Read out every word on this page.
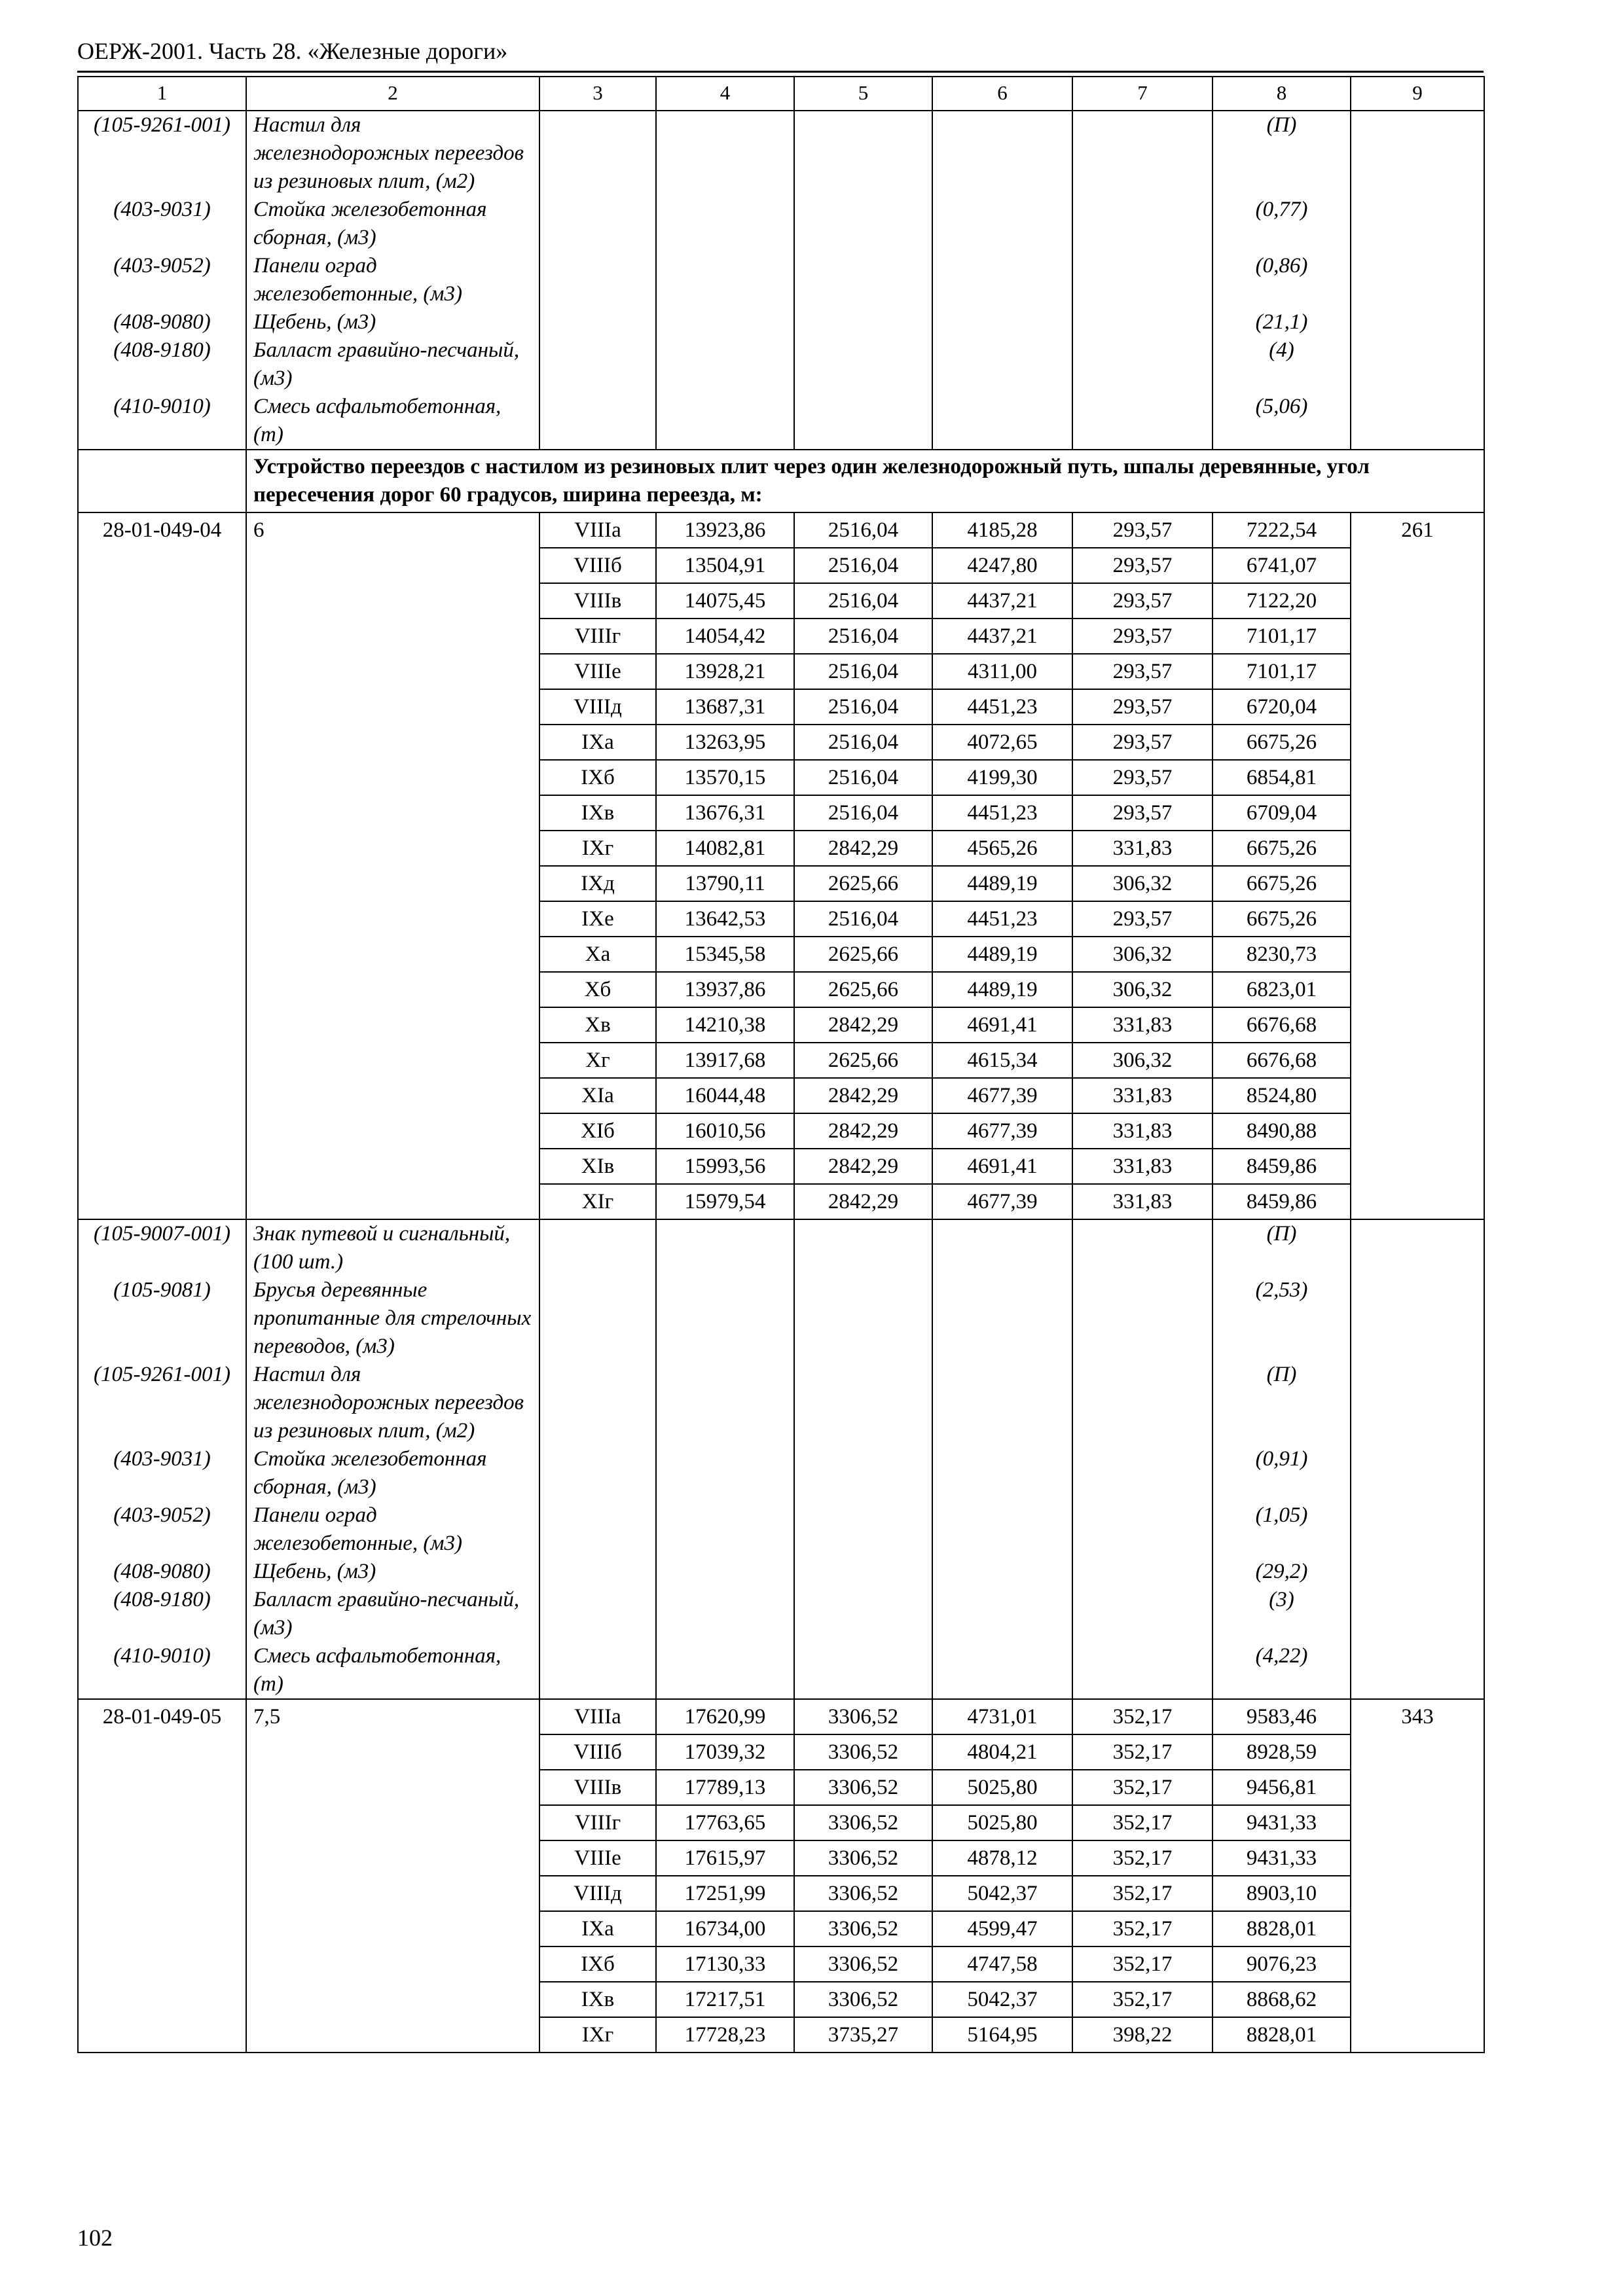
ОЕРЖ-2001. Часть 28. «Железные дороги»
1	2	3	4	5	6	7	8	9
(105-9261-001)	Настил для железнодорожных переездов из резиновых плит, (м2)						(П)	
(403-9031)	Стойка железобетонная сборная, (м3)						(0,77)	
(403-9052)	Панели оград железобетонные, (м3)						(0,86)	
(408-9080)	Щебень, (м3)						(21,1)	
(408-9180)	Балласт гравийно-песчаный, (м3)						(4)	
(410-9010)	Смесь асфальтобетонная, (т)						(5,06)	
	Устройство переездов с настилом из резиновых плит через один железнодорожный путь, шпалы деревянные, угол пересечения дорог 60 градусов, ширина переезда, м:							
28-01-049-04	6	VIIIa	13923,86	2516,04	4185,28	293,57	7222,54	261
		VIIIб	13504,91	2516,04	4247,80	293,57	6741,07	
		VIIIв	14075,45	2516,04	4437,21	293,57	7122,20	
		VIIIг	14054,42	2516,04	4437,21	293,57	7101,17	
		VIIIe	13928,21	2516,04	4311,00	293,57	7101,17	
		VIIIд	13687,31	2516,04	4451,23	293,57	6720,04	
		IXa	13263,95	2516,04	4072,65	293,57	6675,26	
		IXб	13570,15	2516,04	4199,30	293,57	6854,81	
		IXв	13676,31	2516,04	4451,23	293,57	6709,04	
		IXг	14082,81	2842,29	4565,26	331,83	6675,26	
		IXд	13790,11	2625,66	4489,19	306,32	6675,26	
		IXe	13642,53	2516,04	4451,23	293,57	6675,26	
		Xa	15345,58	2625,66	4489,19	306,32	8230,73	
		Xб	13937,86	2625,66	4489,19	306,32	6823,01	
		Xв	14210,38	2842,29	4691,41	331,83	6676,68	
		Xг	13917,68	2625,66	4615,34	306,32	6676,68	
		XIa	16044,48	2842,29	4677,39	331,83	8524,80	
		XIб	16010,56	2842,29	4677,39	331,83	8490,88	
		XIв	15993,56	2842,29	4691,41	331,83	8459,86	
		XIг	15979,54	2842,29	4677,39	331,83	8459,86	
(105-9007-001)	Знак путевой и сигнальный, (100 шт.)						(П)	
(105-9081)	Брусья деревянные пропитанные для стрелочных переводов, (м3)						(2,53)	
(105-9261-001)	Настил для железнодорожных переездов из резиновых плит, (м2)						(П)	
(403-9031)	Стойка железобетонная сборная, (м3)						(0,91)	
(403-9052)	Панели оград железобетонные, (м3)						(1,05)	
(408-9080)	Щебень, (м3)						(29,2)	
(408-9180)	Балласт гравийно-песчаный, (м3)						(3)	
(410-9010)	Смесь асфальтобетонная, (т)						(4,22)	
28-01-049-05	7,5	VIIIa	17620,99	3306,52	4731,01	352,17	9583,46	343
		VIIIб	17039,32	3306,52	4804,21	352,17	8928,59	
		VIIIв	17789,13	3306,52	5025,80	352,17	9456,81	
		VIIIг	17763,65	3306,52	5025,80	352,17	9431,33	
		VIIIe	17615,97	3306,52	4878,12	352,17	9431,33	
		VIIIд	17251,99	3306,52	5042,37	352,17	8903,10	
		IXa	16734,00	3306,52	4599,47	352,17	8828,01	
		IXб	17130,33	3306,52	4747,58	352,17	9076,23	
		IXв	17217,51	3306,52	5042,37	352,17	8868,62	
		IXг	17728,23	3735,27	5164,95	398,22	8828,01	
102
